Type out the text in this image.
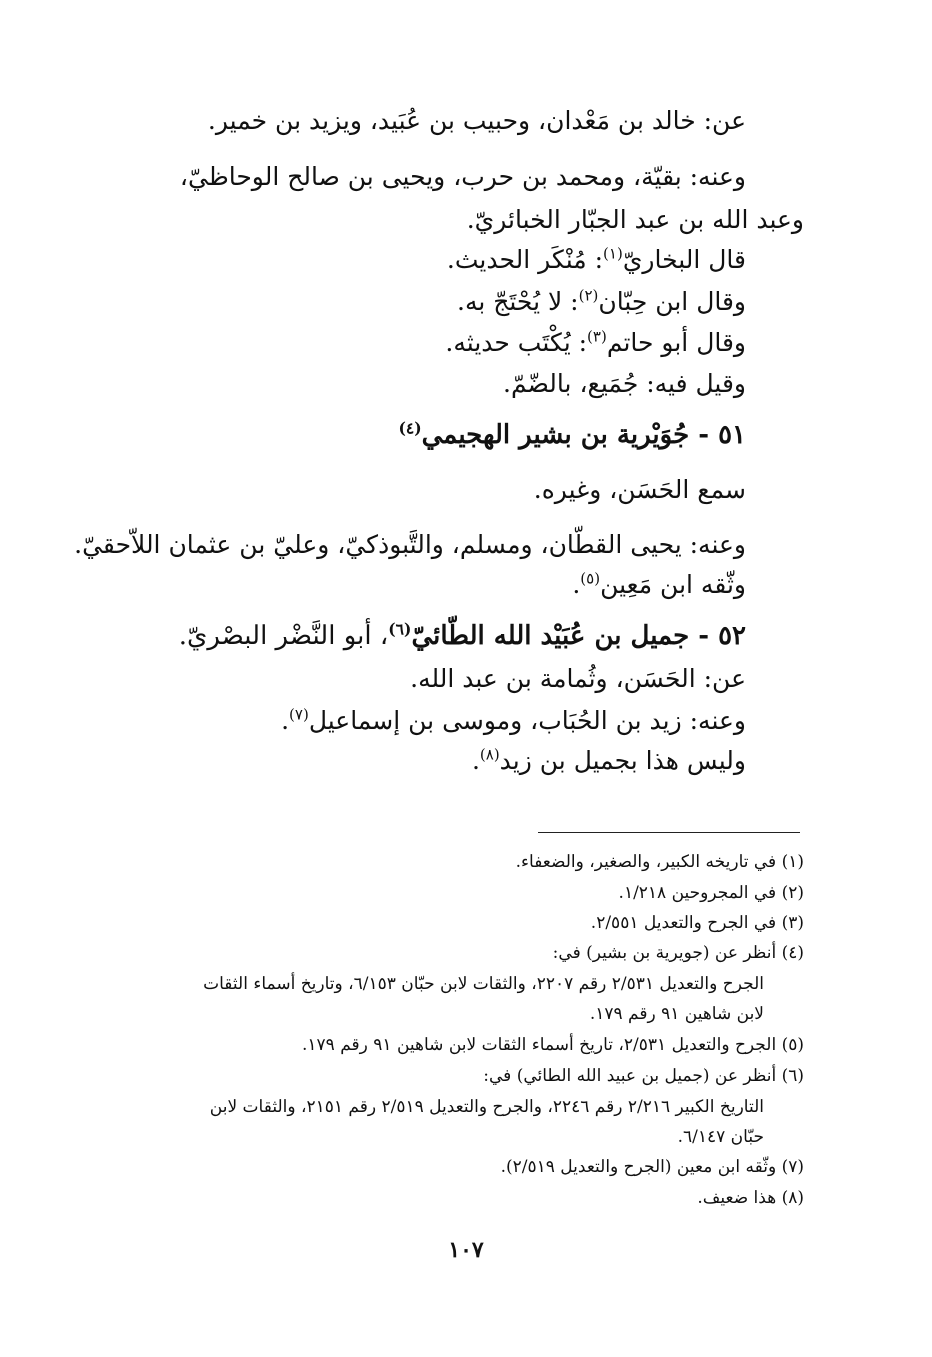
عن: خالد بن مَعْدان، وحبيب بن عُبَيد، ويزيد بن خمير.
وعنه: بقيّة، ومحمد بن حرب، ويحيى بن صالح الوحاظيّ،
وعبد الله بن عبد الجبّار الخبائريّ.
قال البخاريّ$^{(١)}$: مُنْكَر الحديث.
وقال ابن حِبّان$^{(٢)}$: لا يُحْتَجّ به.
وقال أبو حاتم$^{(٣)}$: يُكْتَب حديثه.
وقيل فيه: جُمَيع، بالضّمّ.
٥١ - جُوَيْرية بن بشير الهجيمي$^{(٤)}$
سمع الحَسَن، وغيره.
وعنه: يحيى القطّان، ومسلم، والتَّبوذكيّ، وعليّ بن عثمان اللاّحقيّ.
وثّقه ابن مَعِين$^{(٥)}$.
٥٢ - جميل بن عُبَيْد الله الطّائيّ$^{(٦)}$، أبو النَّضْر البصْريّ.
عن: الحَسَن، وثُمامة بن عبد الله.
وعنه: زيد بن الحُبَاب، وموسى بن إسماعيل$^{(٧)}$.
وليس هذا بجميل بن زيد$^{(٨)}$.
(١) في تاريخه الكبير، والصغير، والضعفاء.
(٢) في المجروحين ١/٢١٨.
(٣) في الجرح والتعديل ٢/٥٥١.
(٤) أنظر عن (جويرية بن بشير) في:
الجرح والتعديل ٢/٥٣١ رقم ٢٢٠٧، والثقات لابن حبّان ٦/١٥٣، وتاريخ أسماء الثقات
لابن شاهين ٩١ رقم ١٧٩.
(٥) الجرح والتعديل ٢/٥٣١، تاريخ أسماء الثقات لابن شاهين ٩١ رقم ١٧٩.
(٦) أنظر عن (جميل بن عبيد الله الطائي) في:
التاريخ الكبير ٢/٢١٦ رقم ٢٢٤٦، والجرح والتعديل ٢/٥١٩ رقم ٢١٥١، والثقات لابن
حبّان ٦/١٤٧.
(٧) وثّقه ابن معين (الجرح والتعديل ٢/٥١٩).
(٨) هذا ضعيف.
١٠٧
